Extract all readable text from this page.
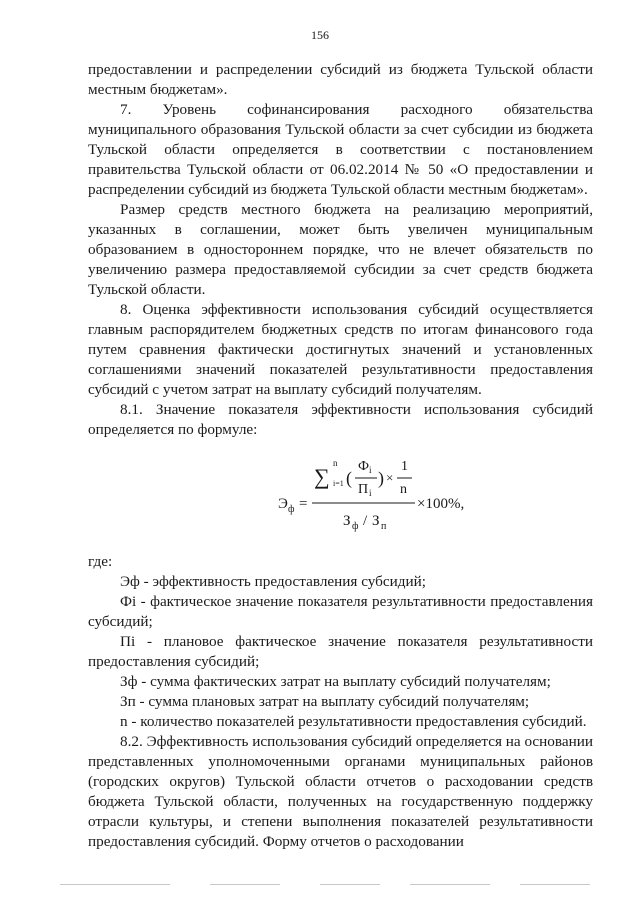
156

предоставлении и распределении субсидий из бюджета Тульской области местным бюджетам».

7. Уровень софинансирования расходного обязательства муниципального образования Тульской области за счет субсидии из бюджета Тульской области определяется в соответствии с постановлением правительства Тульской области от 06.02.2014 № 50 «О предоставлении и распределении субсидий из бюджета Тульской области местным бюджетам».

Размер средств местного бюджета на реализацию мероприятий, указанных в соглашении, может быть увеличен муниципальным образованием в одностороннем порядке, что не влечет обязательств по увеличению размера предоставляемой субсидии за счет средств бюджета Тульской области.

8. Оценка эффективности использования субсидий осуществляется главным распорядителем бюджетных средств по итогам финансового года путем сравнения фактически достигнутых значений и установленных соглашениями значений показателей результативности предоставления субсидий с учетом затрат на выплату субсидий получателям.

8.1. Значение показателя эффективности использования субсидий определяется по формуле:

∑
n
i=1 (
Ф i
П i
) ×
1
n
Э ф =
З ф / З п
×100%,

где:

Эф - эффективность предоставления субсидий;

Фi - фактическое значение показателя результативности предоставления субсидий;

Пi - плановое фактическое значение показателя результативности предоставления субсидий;

Зф - сумма фактических затрат на выплату субсидий получателям;

Зп - сумма плановых затрат на выплату субсидий получателям;

n - количество показателей результативности предоставления субсидий.

8.2. Эффективность использования субсидий определяется на основании представленных уполномоченными органами муниципальных районов (городских округов) Тульской области отчетов о расходовании средств бюджета Тульской области, полученных на государственную поддержку отрасли культуры, и степени выполнения показателей результативности предоставления субсидий. Форму отчетов о расходовании
